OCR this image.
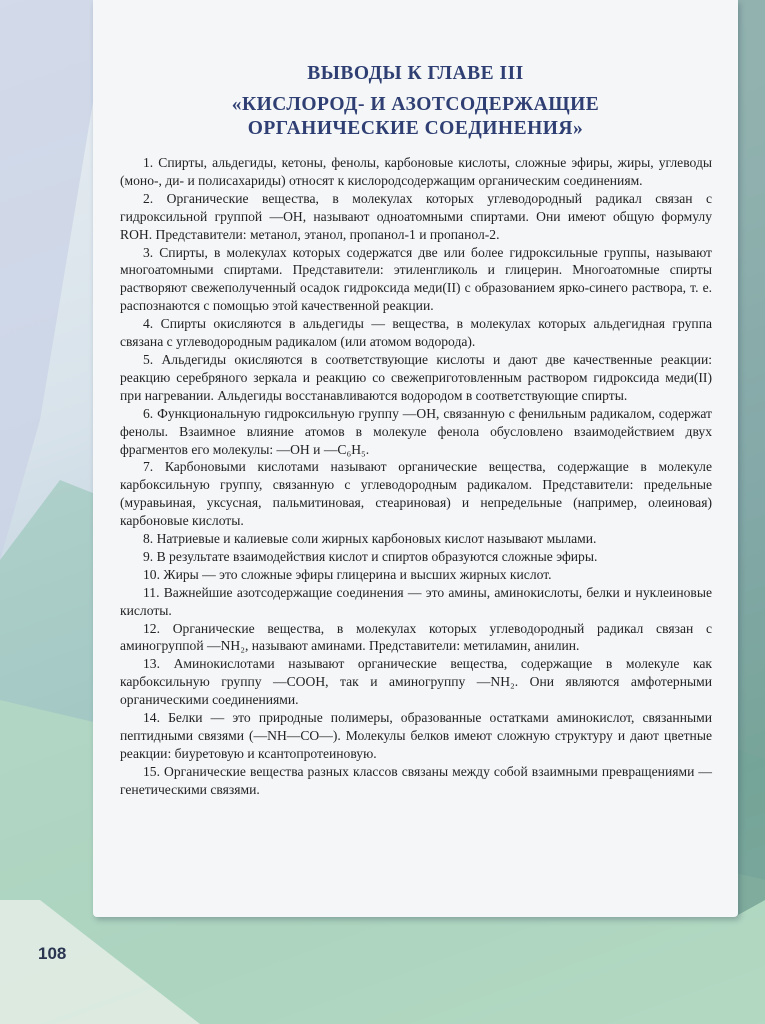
ВЫВОДЫ К ГЛАВЕ III

«КИСЛОРОД- И АЗОТСОДЕРЖАЩИЕ

ОРГАНИЧЕСКИЕ СОЕДИНЕНИЯ»

1. Спирты, альдегиды, кетоны, фенолы, карбоновые кислоты, сложные эфиры, жиры, углеводы (моно-, ди- и полисахариды) относят к кислородсодержащим органическим соединениям.

2. Органические вещества, в молекулах которых углеводородный радикал связан с гидроксильной группой —ОН, называют одноатомными спиртами. Они имеют общую формулу ROH. Представители: метанол, этанол, пропанол-1 и пропанол-2.

3. Спирты, в молекулах которых содержатся две или более гидроксильные группы, называют многоатомными спиртами. Представители: этиленгликоль и глицерин. Многоатомные спирты растворяют свежеполученный осадок гидроксида меди(II) с образованием ярко-синего раствора, т. е. распознаются с помощью этой качественной реакции.

4. Спирты окисляются в альдегиды — вещества, в молекулах которых альдегидная группа связана с углеводородным радикалом (или атомом водорода).

5. Альдегиды окисляются в соответствующие кислоты и дают две качественные реакции: реакцию серебряного зеркала и реакцию со свежеприготовленным раствором гидроксида меди(II) при нагревании. Альдегиды восстанавливаются водородом в соответствующие спирты.

6. Функциональную гидроксильную группу —ОН, связанную с фенильным радикалом, содержат фенолы. Взаимное влияние атомов в молекуле фенола обусловлено взаимодействием двух фрагментов его молекулы: —ОН и —C₆H₅.

7. Карбоновыми кислотами называют органические вещества, содержащие в молекуле карбоксильную группу, связанную с углеводородным радикалом. Представители: предельные (муравьиная, уксусная, пальмитиновая, стеариновая) и непредельные (например, олеиновая) карбоновые кислоты.

8. Натриевые и калиевые соли жирных карбоновых кислот называют мылами.

9. В результате взаимодействия кислот и спиртов образуются сложные эфиры.

10. Жиры — это сложные эфиры глицерина и высших жирных кислот.

11. Важнейшие азотсодержащие соединения — это амины, аминокислоты, белки и нуклеиновые кислоты.

12. Органические вещества, в молекулах которых углеводородный радикал связан с аминогруппой —NH₂, называют аминами. Представители: метиламин, анилин.

13. Аминокислотами называют органические вещества, содержащие в молекуле как карбоксильную группу —COOH, так и аминогруппу —NH₂. Они являются амфотерными органическими соединениями.

14. Белки — это природные полимеры, образованные остатками аминокислот, связанными пептидными связями (—NH—CO—). Молекулы белков имеют сложную структуру и дают цветные реакции: биуретовую и ксантопротеиновую.

15. Органические вещества разных классов связаны между собой взаимными превращениями — генетическими связями.

108
